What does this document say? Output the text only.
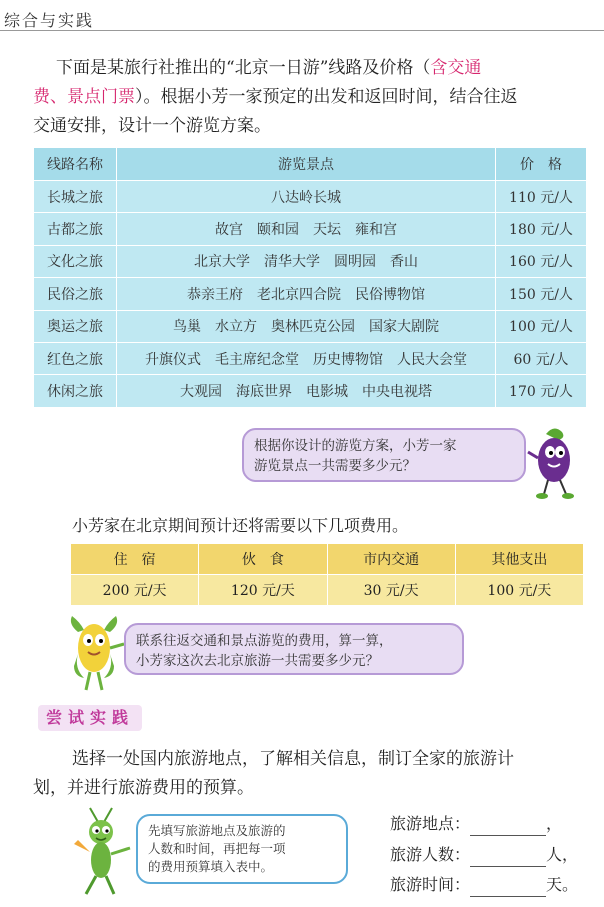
综合与实践
下面是某旅行社推出的“北京一日游”线路及价格（含交通
费、景点门票）。根据小芳一家预定的出发和返回时间，结合往返
交通安排，设计一个游览方案。
线路名称	游览景点	价　格
长城之旅	八达岭长城	110 元/人
古都之旅	故宫　颐和园　天坛　雍和宫	180 元/人
文化之旅	北京大学　清华大学　圆明园　香山	160 元/人
民俗之旅	恭亲王府　老北京四合院　民俗博物馆	150 元/人
奥运之旅	鸟巢　水立方　奥林匹克公园　国家大剧院	100 元/人
红色之旅	升旗仪式　毛主席纪念堂　历史博物馆　人民大会堂	60 元/人
休闲之旅	大观园　海底世界　电影城　中央电视塔	170 元/人
根据你设计的游览方案，小芳一家
游览景点一共需要多少元？
小芳家在北京期间预计还将需要以下几项费用。
住　宿	伙　食	市内交通	其他支出
200 元/天	120 元/天	30 元/天	100 元/天
联系往返交通和景点游览的费用，算一算，
小芳家这次去北京旅游一共需要多少元？
尝试实践
选择一处国内旅游地点，了解相关信息，制订全家的旅游计
划，并进行旅游费用的预算。
先填写旅游地点及旅游的
人数和时间，再把每一项
的费用预算填入表中。
旅游地点：	，
旅游人数：	人，
旅游时间：	天。
